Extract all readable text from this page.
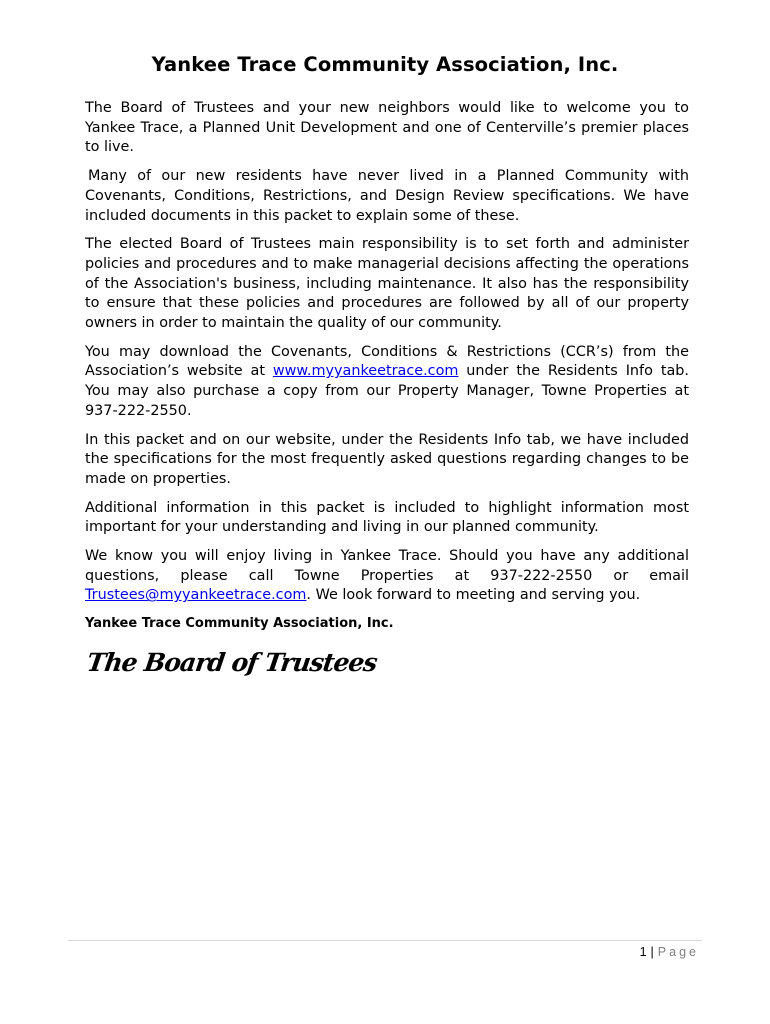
Yankee Trace Community Association, Inc.

The Board of Trustees and your new neighbors would like to welcome you to Yankee Trace, a Planned Unit Development and one of Centerville’s premier places to live.

Many of our new residents have never lived in a Planned Community with Covenants, Conditions, Restrictions, and Design Review specifications. We have included documents in this packet to explain some of these.

The elected Board of Trustees main responsibility is to set forth and administer policies and procedures and to make managerial decisions affecting the operations of the Association's business, including maintenance. It also has the responsibility to ensure that these policies and procedures are followed by all of our property owners in order to maintain the quality of our community.

You may download the Covenants, Conditions & Restrictions (CCR’s) from the Association’s website at www.myyankeetrace.com under the Residents Info tab. You may also purchase a copy from our Property Manager, Towne Properties at 937-222-2550.

In this packet and on our website, under the Residents Info tab, we have included the specifications for the most frequently asked questions regarding changes to be made on properties.

Additional information in this packet is included to highlight information most important for your understanding and living in our planned community.

We know you will enjoy living in Yankee Trace. Should you have any additional questions, please call Towne Properties at 937-222-2550 or email Trustees@myyankeetrace.com. We look forward to meeting and serving you.

Yankee Trace Community Association, Inc.
The Board of Trustees
1 | Page
